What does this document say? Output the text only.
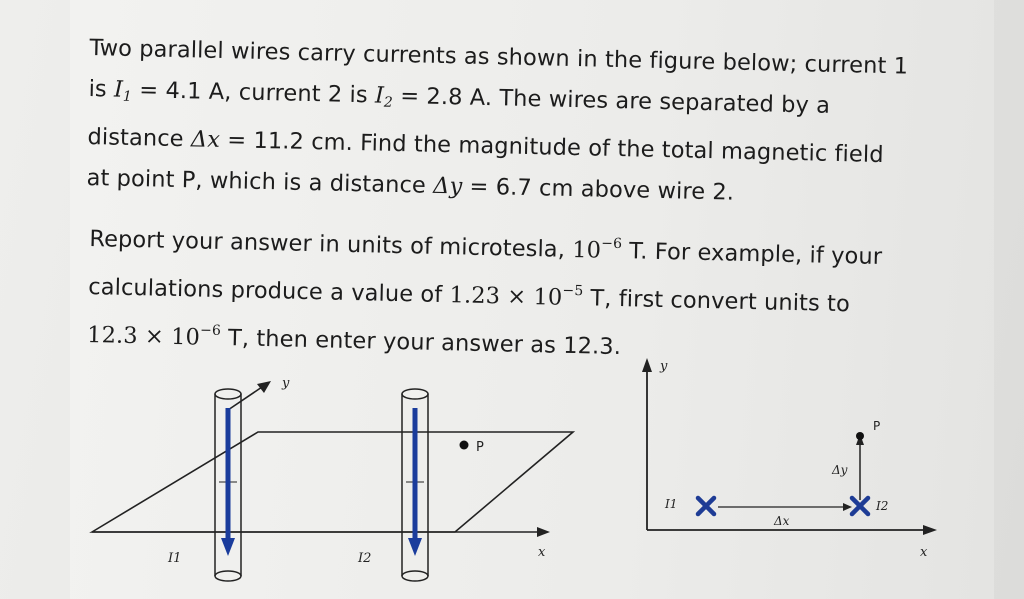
Two parallel wires carry currents as shown in the figure below; current 1
is $I_1 = 4.1$ A, current 2 is $I_2 = 2.8$ A. The wires are separated by a
distance Δx = 11.2 cm. Find the magnitude of the total magnetic field
at point P, which is a distance Δy = 6.7 cm above wire 2.
Report your answer in units of microtesla, $10^{-6}$ T. For example, if your
calculations produce a value of $1.23 \times 10^{-5}$ T, first convert units to
$12.3 \times 10^{-6}$ T, then enter your answer as 12.3.
x
y
I1	I2
P
y
x
Δx
Δy
P
I1	I2
